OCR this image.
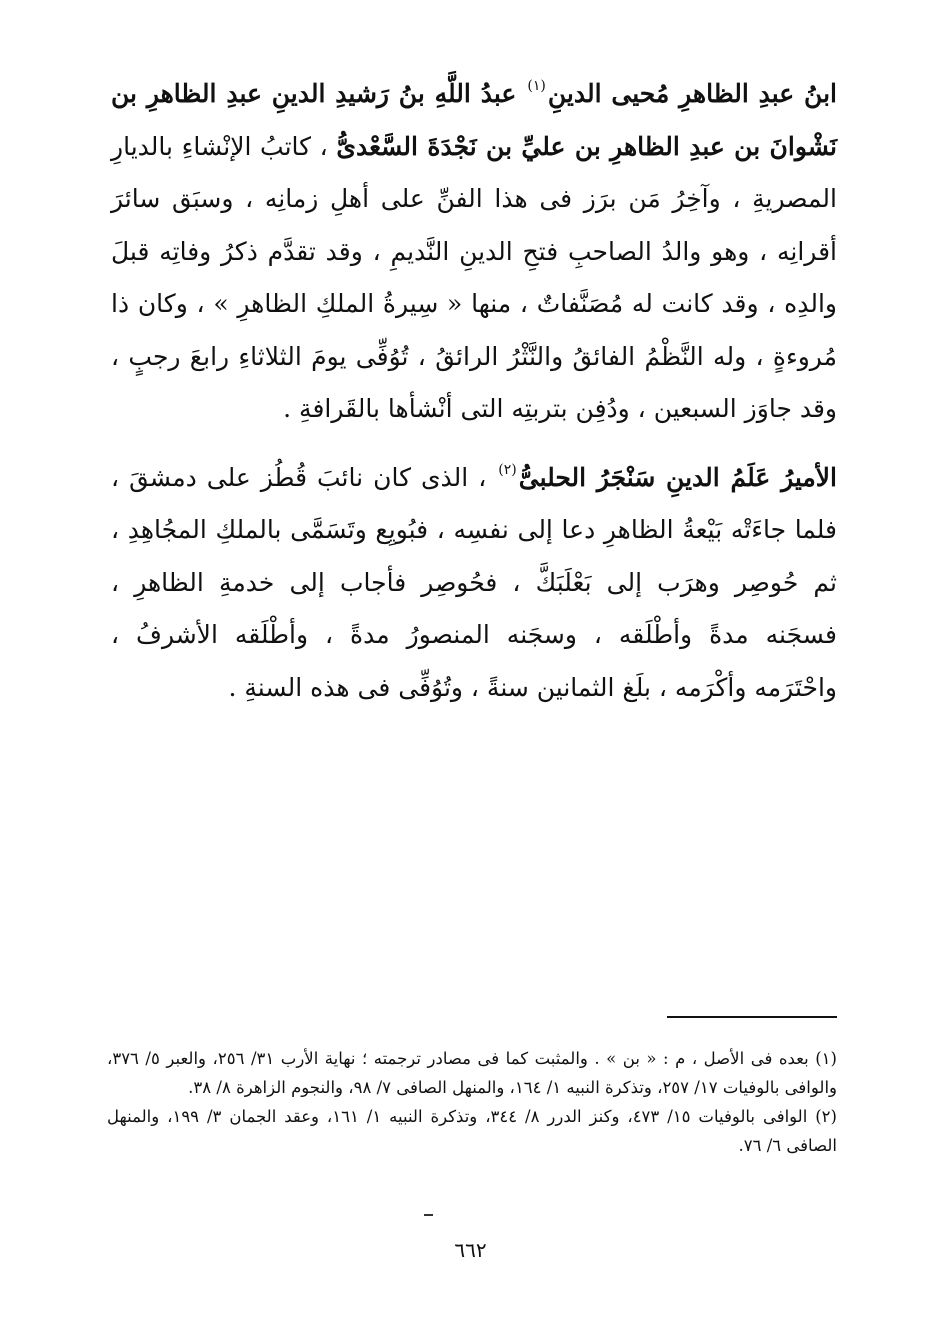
ابنُ عبدِ الظاهرِ مُحيى الدينِ$^{(١)}$ عبدُ اللَّهِ بنُ رَشيدِ الدينِ عبدِ الظاهرِ بن نَشْوانَ بن عبدِ الظاهرِ بن عليِّ بن نَجْدَةَ السَّعْدىُّ ، كاتبُ الإنْشاءِ بالديارِ المصريةِ ، وآخِرُ مَن برَز فى هذا الفنِّ على أهلِ زمانِه ، وسبَق سائرَ أقرانِه ، وهو والدُ الصاحبِ فتحِ الدينِ النَّديمِ ، وقد تقدَّم ذكرُ وفاتِه قبلَ والدِه ، وقد كانت له مُصَنَّفاتٌ ، منها « سِيرةُ الملكِ الظاهرِ » ، وكان ذا مُروءةٍ ، وله النَّظْمُ الفائقُ والنَّثْرُ الرائقُ ، تُوُفِّى يومَ الثلاثاءِ رابعَ رجبٍ ، وقد جاوَز السبعين ، ودُفِن بتربتِه التى أنْشأها بالقَرافةِ .

الأميرُ عَلَمُ الدينِ سَنْجَرُ الحلبىُّ$^{(٢)}$ ، الذى كان نائبَ قُطُز على دمشقَ ، فلما جاءَتْه بَيْعةُ الظاهرِ دعا إلى نفسِه ، فبُويِع وتَسَمَّى بالملكِ المجُاهِدِ ، ثم حُوصِر وهرَب إلى بَعْلَبَكَّ ، فحُوصِر فأجاب إلى خدمةِ الظاهرِ ، فسجَنه مدةً وأطْلَقه ، وسجَنه المنصورُ مدةً ، وأطْلَقه الأشرفُ ، واحْتَرَمه وأكْرَمه ، بلَغ الثمانين سنةً ، وتُوُفِّى فى هذه السنةِ .

(١) بعده فى الأصل ، م : « بن » . والمثبت كما فى مصادر ترجمته ؛ نهاية الأرب ٣١/ ٢٥٦، والعبر ٥/ ٣٧٦، والوافى بالوفيات ١٧/ ٢٥٧، وتذكرة النبيه ١/ ١٦٤، والمنهل الصافى ٧/ ٩٨، والنجوم الزاهرة ٨/ ٣٨.

(٢) الوافى بالوفيات ١٥/ ٤٧٣، وكنز الدرر ٨/ ٣٤٤، وتذكرة النبيه ١/ ١٦١، وعقد الجمان ٣/ ١٩٩، والمنهل الصافى ٦/ ٧٦.

٦٦٢
